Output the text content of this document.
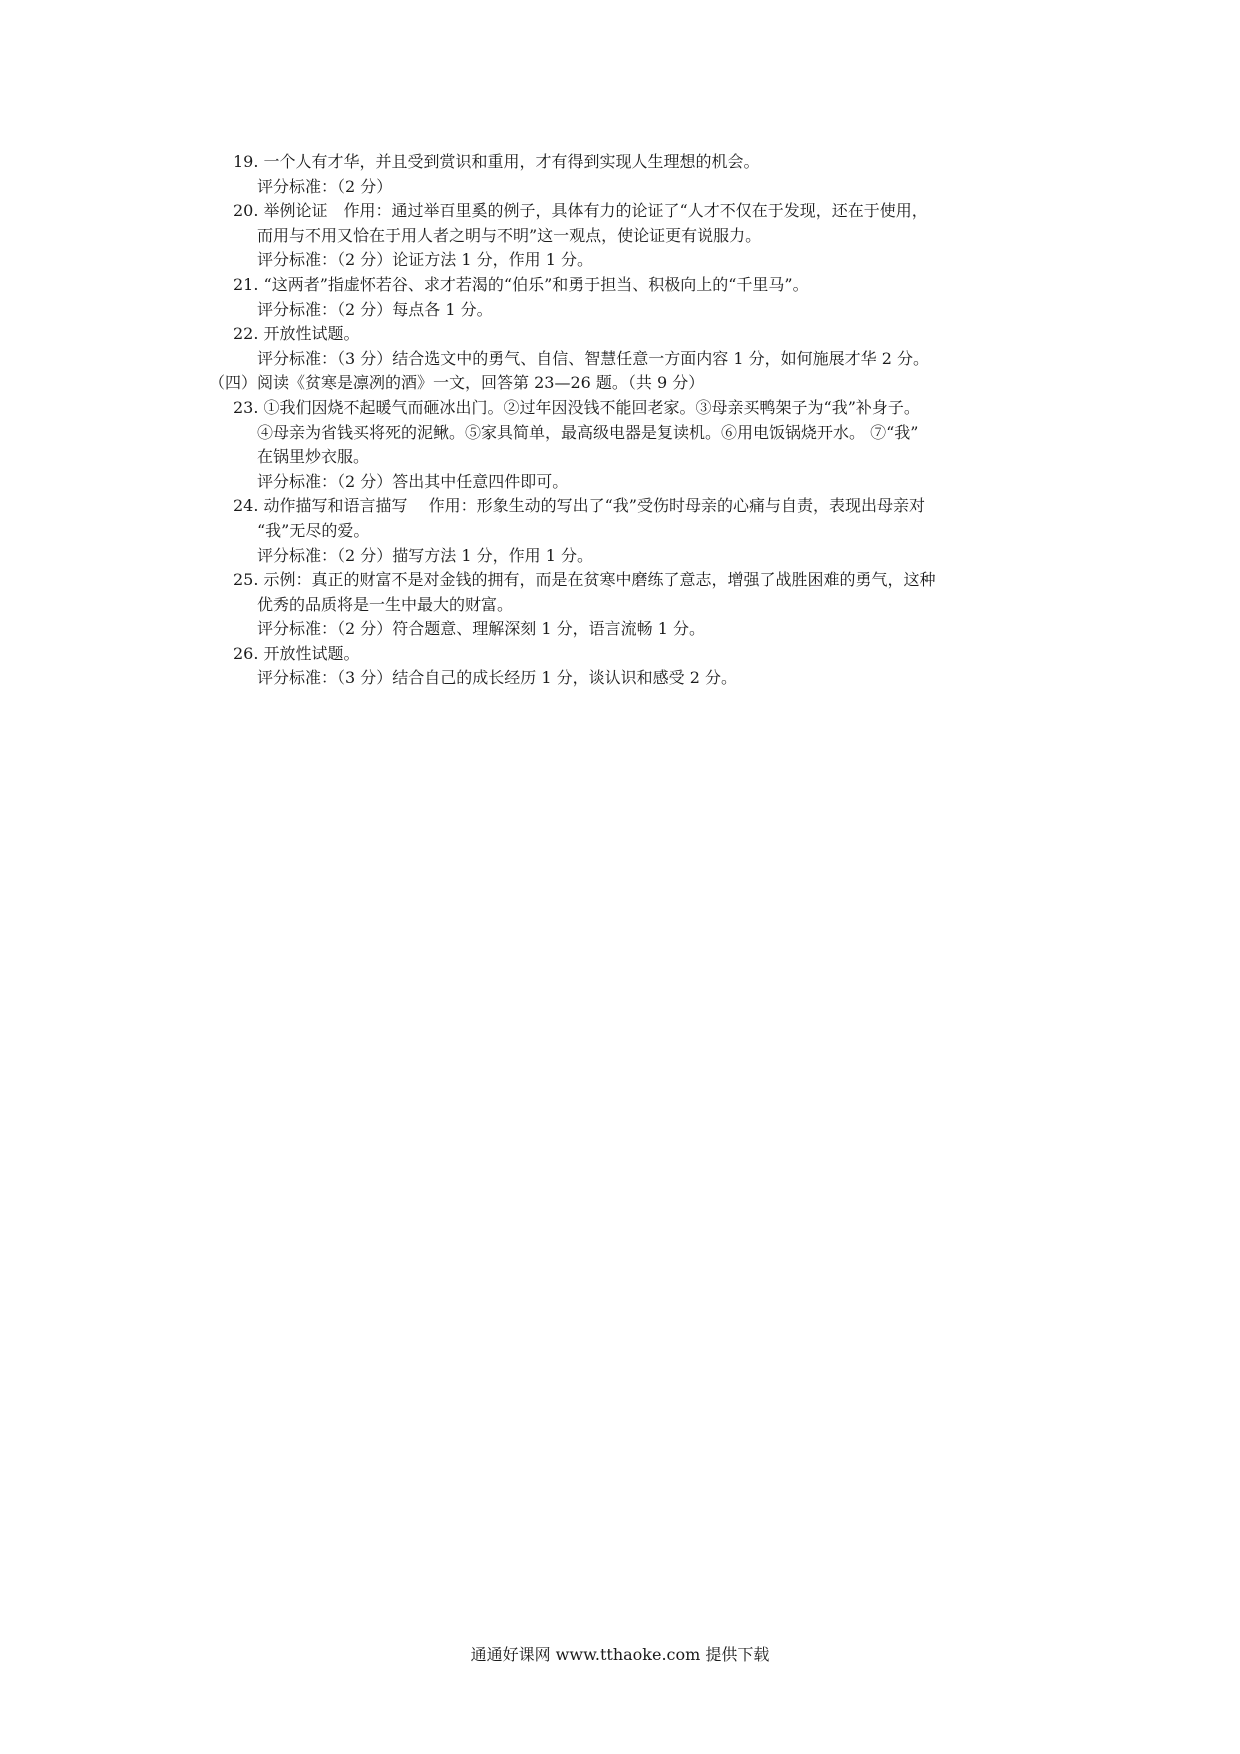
19. 一个人有才华，并且受到赏识和重用，才有得到实现人生理想的机会。

评分标准：（2 分）

20. 举例论证　作用：通过举百里奚的例子，具体有力的论证了“人才不仅在于发现，还在于使用，

而用与不用又恰在于用人者之明与不明”这一观点，使论证更有说服力。

评分标准：（2 分）论证方法 1 分，作用 1 分。

21. “这两者”指虚怀若谷、求才若渴的“伯乐”和勇于担当、积极向上的“千里马”。

评分标准：（2 分）每点各 1 分。

22. 开放性试题。

评分标准：（3 分）结合选文中的勇气、自信、智慧任意一方面内容 1 分，如何施展才华 2 分。

（四）阅读《贫寒是凛冽的酒》一文，回答第 23—26 题。（共 9 分）

23. ①我们因烧不起暖气而砸冰出门。②过年因没钱不能回老家。③母亲买鸭架子为“我”补身子。

④母亲为省钱买将死的泥鳅。⑤家具简单，最高级电器是复读机。⑥用电饭锅烧开水。 ⑦“我”

在锅里炒衣服。

评分标准：（2 分）答出其中任意四件即可。

24. 动作描写和语言描写　 作用：形象生动的写出了“我”受伤时母亲的心痛与自责，表现出母亲对

“我”无尽的爱。

评分标准：（2 分）描写方法 1 分，作用 1 分。

25. 示例：真正的财富不是对金钱的拥有，而是在贫寒中磨练了意志，增强了战胜困难的勇气，这种

优秀的品质将是一生中最大的财富。

评分标准：（2 分）符合题意、理解深刻 1 分，语言流畅 1 分。

26. 开放性试题。

评分标准：（3 分）结合自己的成长经历 1 分，谈认识和感受 2 分。

通通好课网 www.tthaoke.com 提供下载
